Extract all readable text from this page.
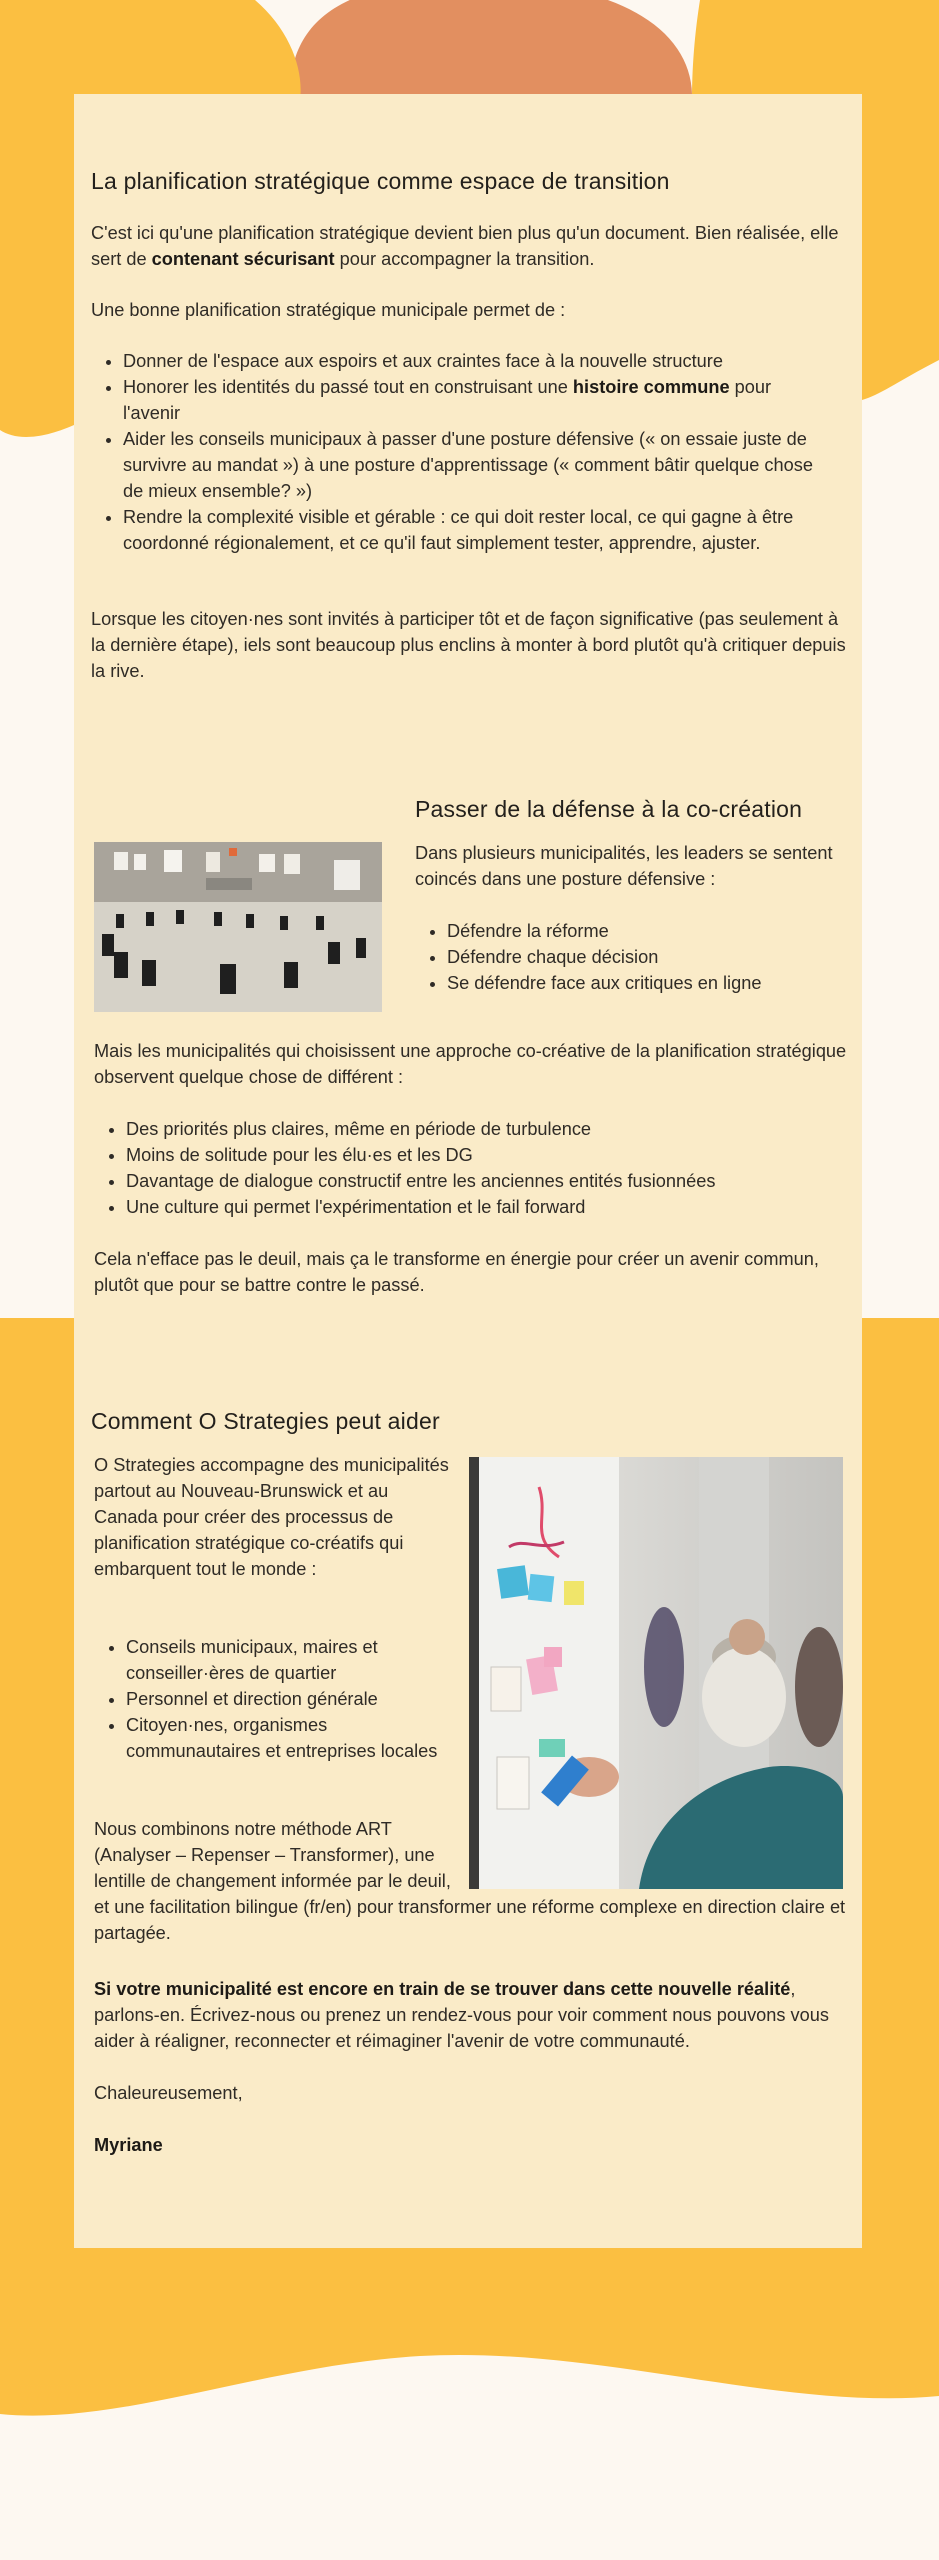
La planification stratégique comme espace de transition

C'est ici qu'une planification stratégique devient bien plus qu'un document. Bien réalisée, elle sert de contenant sécurisant pour accompagner la transition.

Une bonne planification stratégique municipale permet de :

• Donner de l'espace aux espoirs et aux craintes face à la nouvelle structure
• Honorer les identités du passé tout en construisant une histoire commune pour l'avenir
• Aider les conseils municipaux à passer d'une posture défensive (« on essaie juste de survivre au mandat ») à une posture d'apprentissage (« comment bâtir quelque chose de mieux ensemble? »)
• Rendre la complexité visible et gérable : ce qui doit rester local, ce qui gagne à être coordonné régionalement, et ce qu'il faut simplement tester, apprendre, ajuster.

Lorsque les citoyen·nes sont invités à participer tôt et de façon significative (pas seulement à la dernière étape), iels sont beaucoup plus enclins à monter à bord plutôt qu'à critiquer depuis la rive.

Passer de la défense à la co-création

Dans plusieurs municipalités, les leaders se sentent coincés dans une posture défensive :

• Défendre la réforme
• Défendre chaque décision
• Se défendre face aux critiques en ligne

Mais les municipalités qui choisissent une approche co-créative de la planification stratégique observent quelque chose de différent :

• Des priorités plus claires, même en période de turbulence
• Moins de solitude pour les élu·es et les DG
• Davantage de dialogue constructif entre les anciennes entités fusionnées
• Une culture qui permet l'expérimentation et le fail forward

Cela n'efface pas le deuil, mais ça le transforme en énergie pour créer un avenir commun, plutôt que pour se battre contre le passé.

Comment O Strategies peut aider

O Strategies accompagne des municipalités partout au Nouveau-Brunswick et au Canada pour créer des processus de planification stratégique co-créatifs qui embarquent tout le monde :

• Conseils municipaux, maires et conseiller·ères de quartier
• Personnel et direction générale
• Citoyen·nes, organismes communautaires et entreprises locales
Nous combinons notre méthode ART (Analyser – Repenser – Transformer), une lentille de changement informée par le deuil, et une facilitation bilingue (fr/en) pour transformer une réforme complexe en direction claire et partagée.

Si votre municipalité est encore en train de se trouver dans cette nouvelle réalité, parlons-en. Écrivez-nous ou prenez un rendez-vous pour voir comment nous pouvons vous aider à réaligner, reconnecter et réimaginer l'avenir de votre communauté.

Chaleureusement,

Myriane
